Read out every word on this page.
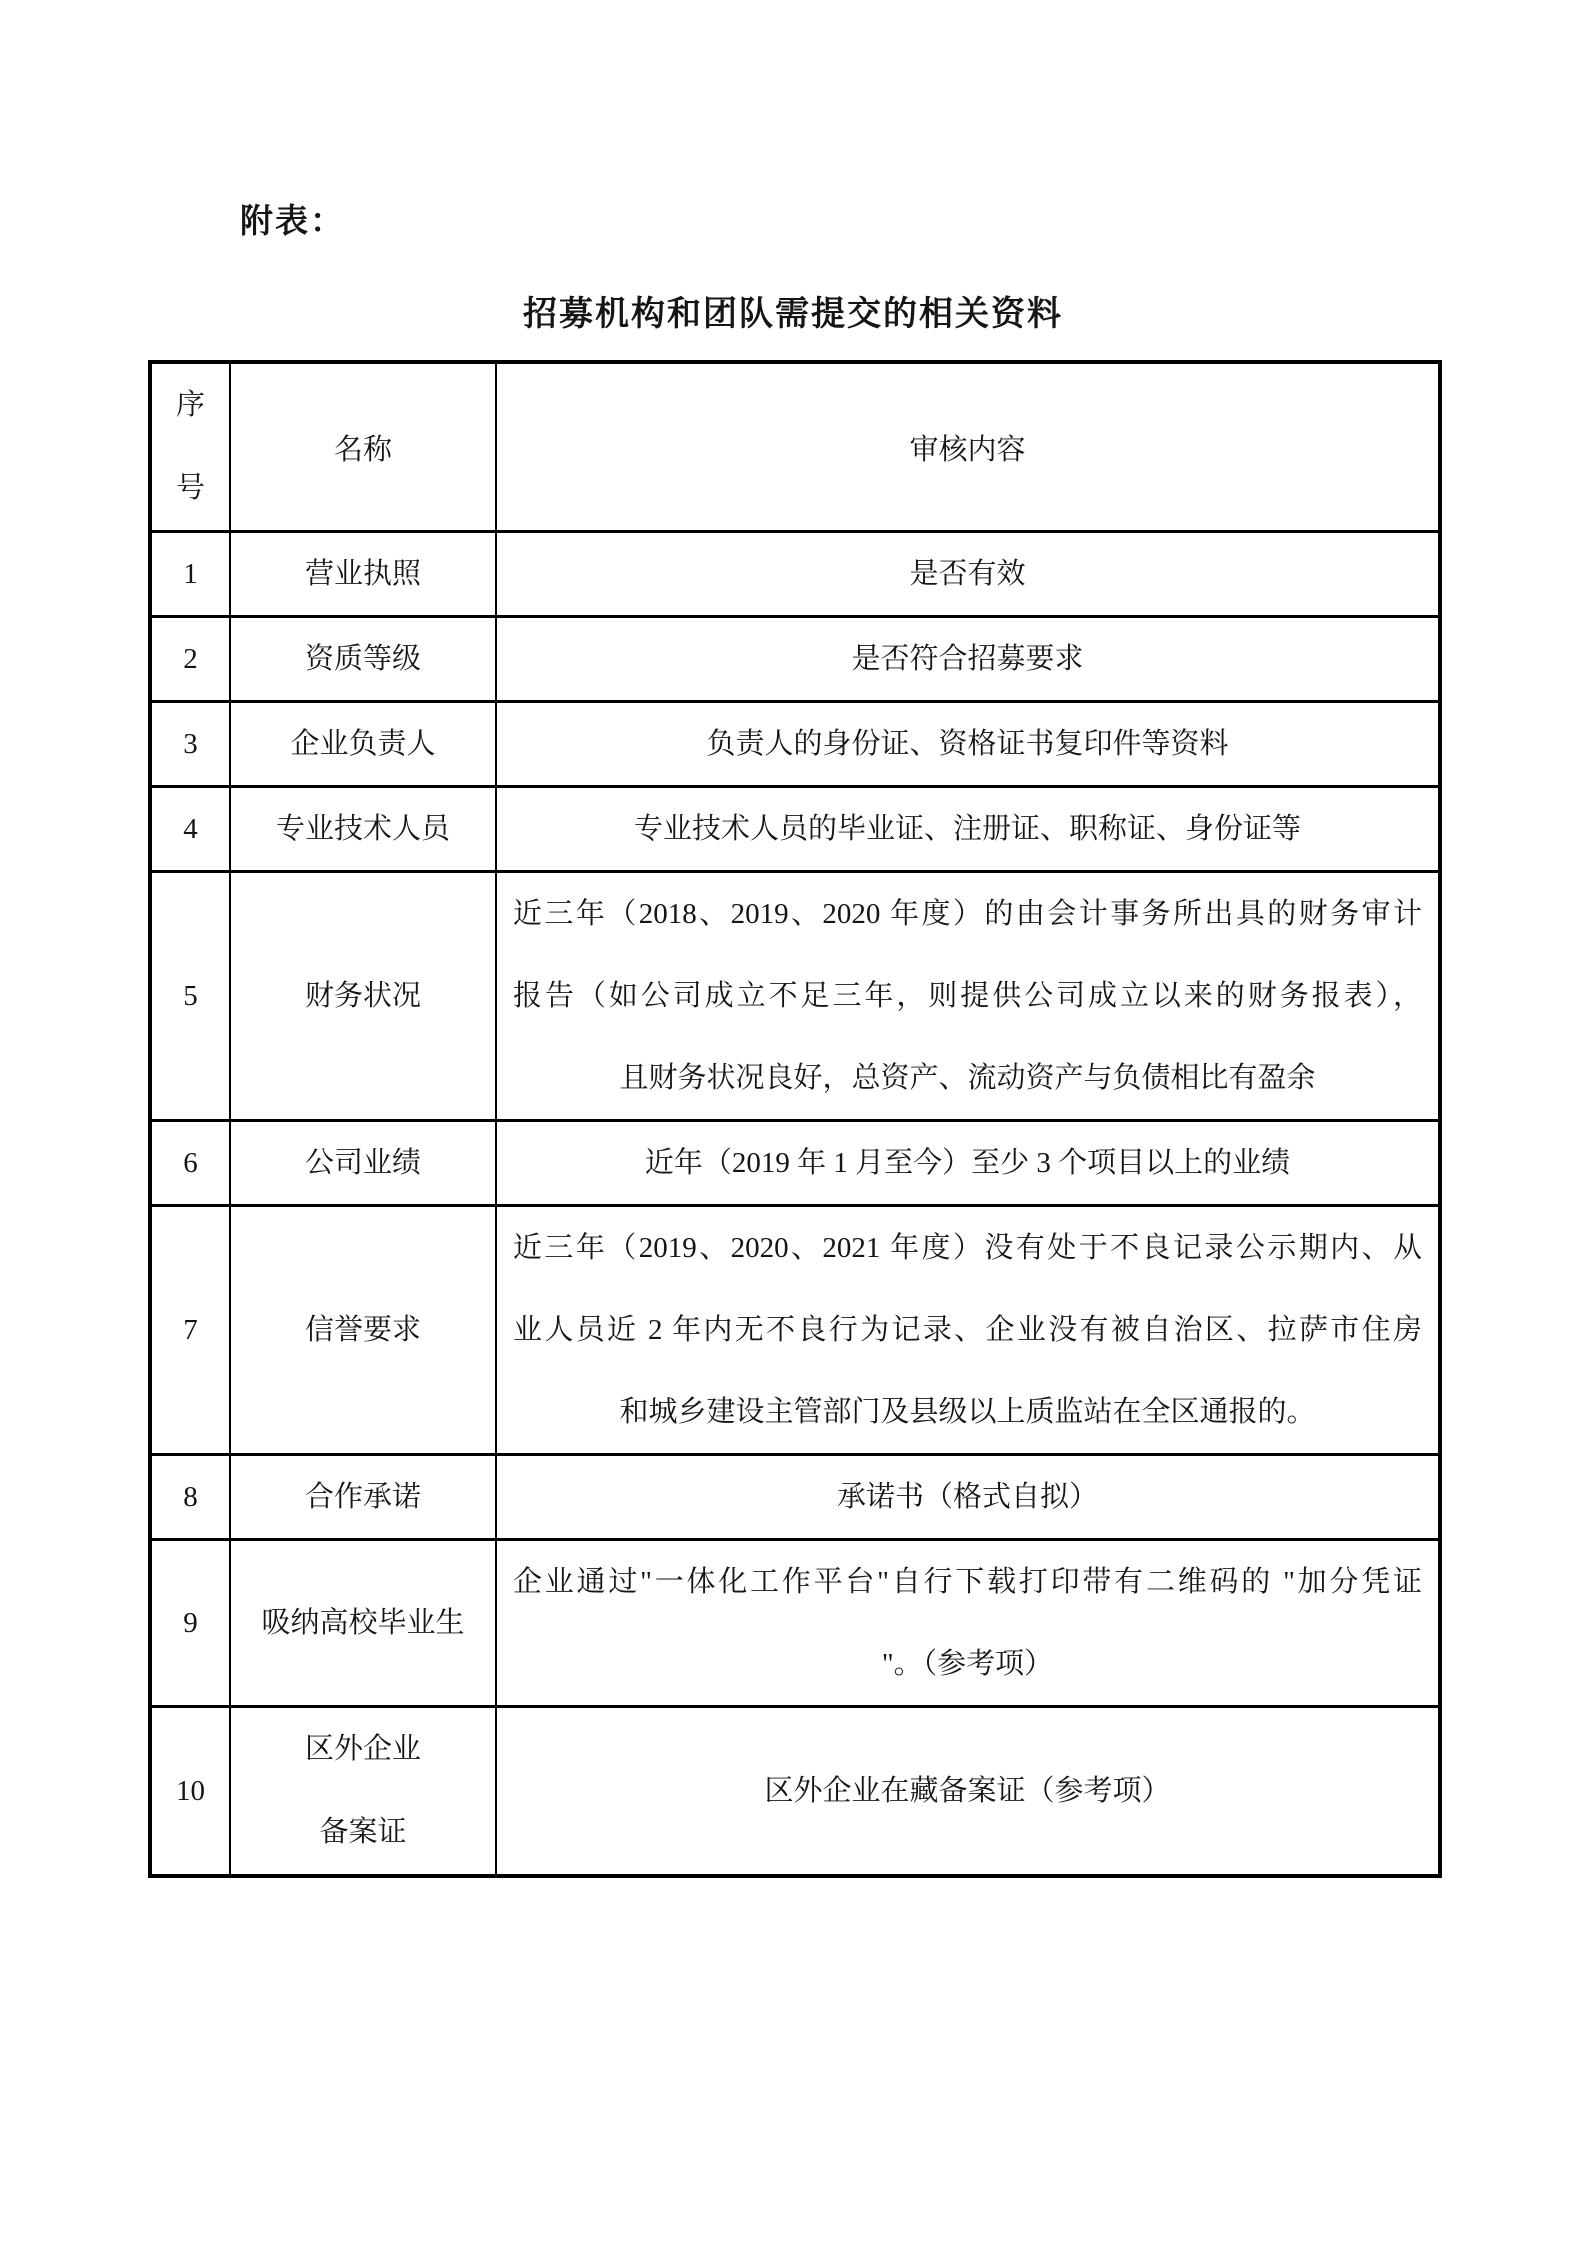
附表：
招募机构和团队需提交的相关资料
序
号	名称	审核内容

1	营业执照	是否有效

2	资质等级	是否符合招募要求

3	企业负责人	负责人的身份证、资格证书复印件等资料

4	专业技术人员	专业技术人员的毕业证、注册证、职称证、身份证等

5	财务状况	近三年（2018、2019、2020 年度）的由会计事务所出具的财务审计
报告（如公司成立不足三年，则提供公司成立以来的财务报表），
且财务状况良好，总资产、流动资产与负债相比有盈余

6	公司业绩	近年（2019 年 1 月至今）至少 3 个项目以上的业绩

7	信誉要求	近三年（2019、2020、2021 年度）没有处于不良记录公示期内、从
业人员近 2 年内无不良行为记录、企业没有被自治区、拉萨市住房
和城乡建设主管部门及县级以上质监站在全区通报的。

8	合作承诺	承诺书（格式自拟）

9	吸纳高校毕业生	企业通过"一体化工作平台"自行下载打印带有二维码的 "加分凭证
"。（参考项）

10	区外企业
备案证	区外企业在藏备案证（参考项）
